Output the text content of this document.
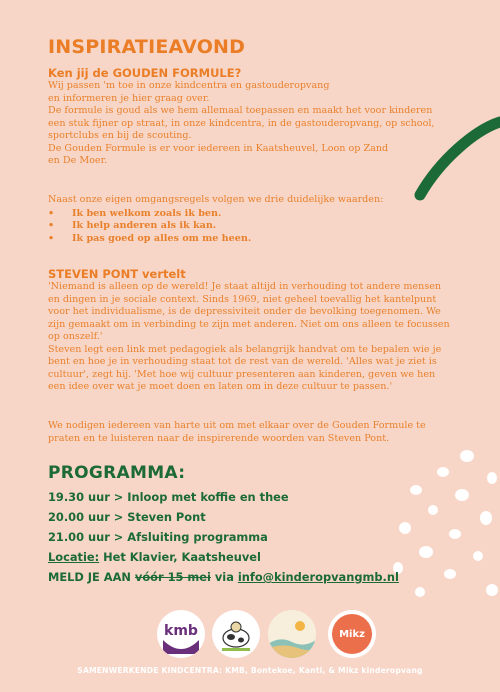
INSPIRATIEAVOND
Ken jij de GOUDEN FORMULE?
Wij passen 'm toe in onze kindcentra en gastouderopvang
en informeren je hier graag over.
De formule is goud als we hem allemaal toepassen en maakt het voor kinderen
een stuk fijner op straat, in onze kindcentra, in de gastouderopvang, op school,
sportclubs en bij de scouting.
De Gouden Formule is er voor iedereen in Kaatsheuvel, Loon op Zand
en De Moer.
Naast onze eigen omgangsregels volgen we drie duidelijke waarden:
•	Ik ben welkom zoals ik ben.
•	Ik help anderen als ik kan.
•	Ik pas goed op alles om me heen.
STEVEN PONT vertelt
'Niemand is alleen op de wereld! Je staat altijd in verhouding tot andere mensen
en dingen in je sociale context. Sinds 1969, niet geheel toevallig het kantelpunt
voor het individualisme, is de depressiviteit onder de bevolking toegenomen. We
zijn gemaakt om in verbinding te zijn met anderen. Niet om ons alleen te focussen
op onszelf.'
Steven legt een link met pedagogiek als belangrijk handvat om te bepalen wie je
bent en hoe je in verhouding staat tot de rest van de wereld. 'Alles wat je ziet is
cultuur', zegt hij. 'Met hoe wij cultuur presenteren aan kinderen, geven we hen
een idee over wat je moet doen en laten om in deze cultuur te passen.'
We nodigen iedereen van harte uit om met elkaar over de Gouden Formule te
praten en te luisteren naar de inspirerende woorden van Steven Pont.
PROGRAMMA:
19.30 uur > Inloop met koffie en thee
20.00 uur > Steven Pont
21.00 uur > Afsluiting programma
Locatie: Het Klavier, Kaatsheuvel
MELD JE AAN vóór 15 mei via info@kinderopvangmb.nl
kmb	Mikz
SAMENWERKENDE KINDCENTRA: KMB, Bontekoe, Kanti, & Mikz kinderopvang
